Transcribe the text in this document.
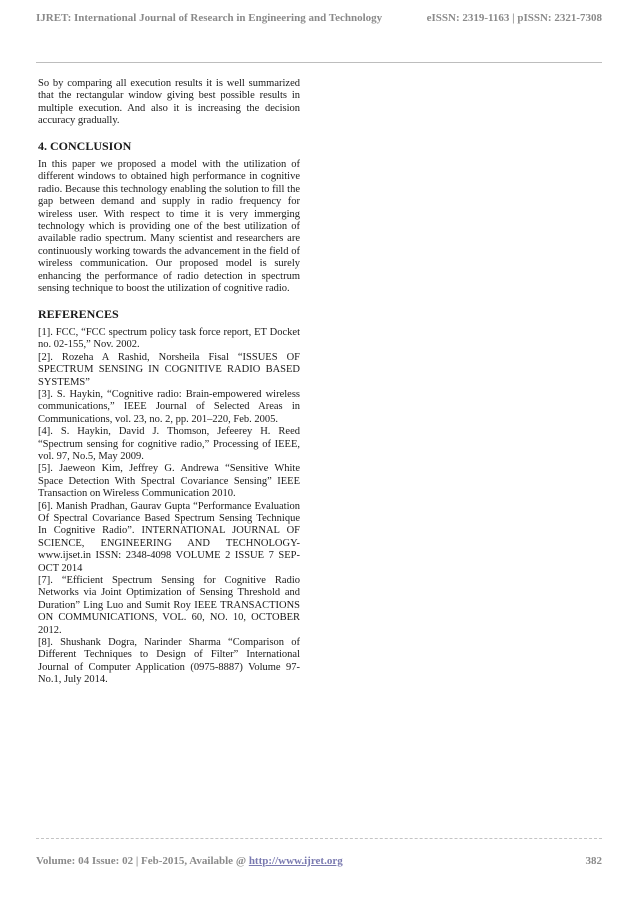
IJRET: International Journal of Research in Engineering and Technology	eISSN: 2319-1163 | pISSN: 2321-7308

So by comparing all execution results it is well summarized that the rectangular window giving best possible results in multiple execution. And also it is increasing the decision accuracy gradually.

4. CONCLUSION

In this paper we proposed a model with the utilization of different windows to obtained high performance in cognitive radio. Because this technology enabling the solution to fill the gap between demand and supply in radio frequency for wireless user. With respect to time it is very immerging technology which is providing one of the best utilization of available radio spectrum. Many scientist and researchers are continuously working towards the advancement in the field of wireless communication. Our proposed model is surely enhancing the performance of radio detection in spectrum sensing technique to boost the utilization of cognitive radio.

REFERENCES

[1]. FCC, “FCC spectrum policy task force report, ET Docket no. 02-155,” Nov. 2002.

[2]. Rozeha A Rashid, Norsheila Fisal “ISSUES OF SPECTRUM SENSING IN COGNITIVE RADIO BASED SYSTEMS”

[3]. S. Haykin, “Cognitive radio: Brain-empowered wireless communications,” IEEE Journal of Selected Areas in Communications, vol. 23, no. 2, pp. 201–220, Feb. 2005.

[4]. S. Haykin, David J. Thomson, Jefeerey H. Reed “Spectrum sensing for cognitive radio,” Processing of IEEE, vol. 97, No.5, May 2009.

[5]. Jaeweon Kim, Jeffrey G. Andrewa “Sensitive White Space Detection With Spectral Covariance Sensing” IEEE Transaction on Wireless Communication 2010.

[6]. Manish Pradhan, Gaurav Gupta “Performance Evaluation Of Spectral Covariance Based Spectrum Sensing Technique In Cognitive Radio”. INTERNATIONAL JOURNAL OF SCIENCE, ENGINEERING AND TECHNOLOGY- www.ijset.in ISSN: 2348-4098 VOLUME 2 ISSUE 7 SEP-OCT 2014

[7]. “Efficient Spectrum Sensing for Cognitive Radio Networks via Joint Optimization of Sensing Threshold and Duration” Ling Luo and Sumit Roy IEEE TRANSACTIONS ON COMMUNICATIONS, VOL. 60, NO. 10, OCTOBER 2012.

[8]. Shushank Dogra, Narinder Sharma “Comparison of Different Techniques to Design of Filter” International Journal of Computer Application (0975-8887) Volume 97-No.1, July 2014.

Volume: 04 Issue: 02 | Feb-2015, Available @ http://www.ijret.org	382
